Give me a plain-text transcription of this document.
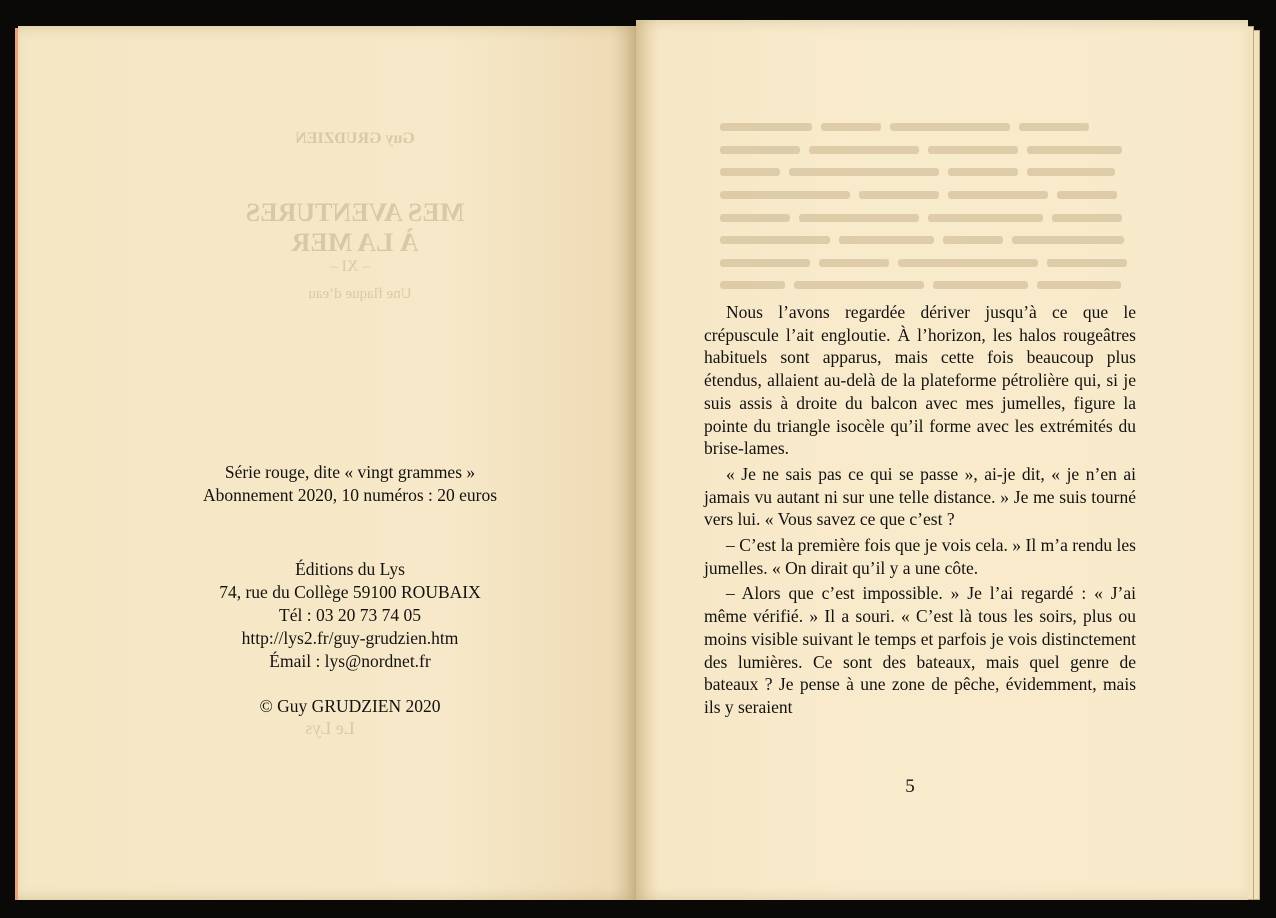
Guy GRUDZIEN
MES AVENTURES
À LA MER
– XI –
Une flaque d’eau
Le Lys

Série rouge, dite « vingt grammes »

Abonnement 2020, 10 numéros : 20 euros

Éditions du Lys

74, rue du Collège 59100 ROUBAIX

Tél : 03 20 73 74 05

http://lys2.fr/guy-grudzien.htm

Émail : lys@nordnet.fr

© Guy GRUDZIEN 2020

Nous l’avons regardée dériver jusqu’à ce que le crépuscule l’ait engloutie. À l’horizon, les halos rougeâtres habituels sont apparus, mais cette fois beaucoup plus étendus, allaient au-delà de la plateforme pétrolière qui, si je suis assis à droite du balcon avec mes jumelles, figure la pointe du triangle isocèle qu’il forme avec les extrémités du brise-lames.

« Je ne sais pas ce qui se passe », ai-je dit, « je n’en ai jamais vu autant ni sur une telle distance. » Je me suis tourné vers lui. « Vous savez ce que c’est ?

– C’est la première fois que je vois cela. » Il m’a rendu les jumelles. « On dirait qu’il y a une côte.

– Alors que c’est impossible. » Je l’ai regardé : « J’ai même vérifié. » Il a souri. « C’est là tous les soirs, plus ou moins visible suivant le temps et parfois je vois distinctement des lumières. Ce sont des bateaux, mais quel genre de bateaux ? Je pense à une zone de pêche, évidemment, mais ils y seraient

5
